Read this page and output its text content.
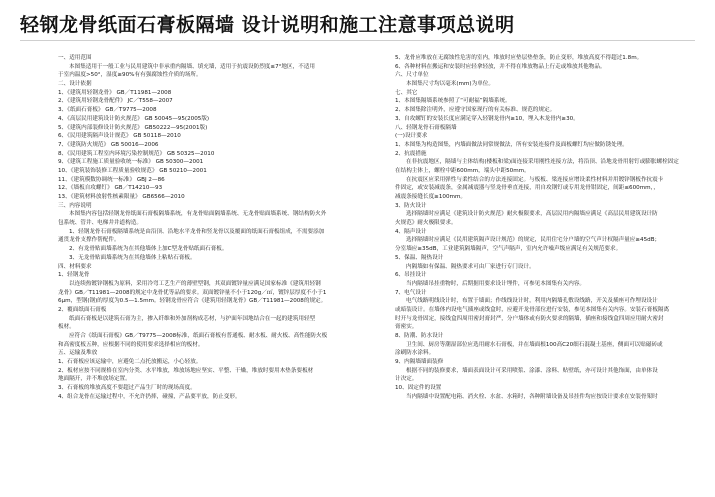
轻钢龙骨纸面石膏板隔墙 设计说明和施工注意事项总说明
一、适用范围
本图集适用于一般工业与民用建筑中非承重内隔墙、填充墙，适用于抗震设防烈度≤7°地区，不适用
于室内温度>50°，湿度≥90%有有强腐蚀性介质的场所。
二、设计依据
1、《建筑用轻钢龙骨》 GB／T11981—2008
2、《建筑用轻钢龙骨配件》 JC／T558—2007
3、《纸面石膏板》 GB／T9775—2008
4、《高层民用建筑设计防火规范》 GB 50045—95(2005版)
5、《建筑内部装修设计防火规范》 GB50222—95(2001版)
6、《民用建筑隔声设计规范》 GB 50118—2010
7、《建筑防火规范》 GB 50016—2006
8、《民用建筑工程室内环境污染控制规范》 GB 50325—2010
9、《建筑工程施工质量验收统一标准》 GB 50300—2001
10、《建筑装饰装修工程质量验收规范》 GB 50210—2001
11、《建筑模数协调统一标准》 GBJ 2—86
12、《墙板自攻螺钉》 GB／T14210—93
13、《建筑材料放射性核素限量》 GB6566—2010
三、内容说明
本图集内容包括轻钢龙骨纸面石膏板隔墙系统，有龙骨贴面隔墙系统、无龙骨贴面墙系统、钢结构防火外
包系统、管井、电梯井井道构造。
1、轻钢龙骨石膏板隔墙系统是由沿顶、沿地水平龙骨和竖龙骨以及覆面的纸面石膏板组成，不需要添加
通贯龙骨支撑作帮配件。
2、有龙骨贴面墙系统为在其他墙体上加C型龙骨贴纸面石膏板。
3、无龙骨贴面墙系统为在其他墙体上粘贴石膏板。
四、材料要求
1、轻钢龙骨
以连续热镀锌钢板为原料，采用冷弯工艺生产的薄壁型钢，其双面镀锌量应满足国家标准《建筑用轻钢
龙骨》GB／T11981—2008的规定中龙骨优等品的要求。双面镀锌量不小于120g／㎡，镀锌层厚度不小于1
6μm，型钢(钢)的厚度为0.5—1.5mm。轻钢龙骨应符合《建筑用轻钢龙骨》GB／T11981—2008的规定。
2、覆面纸面石膏板
纸面石膏板是以建筑石膏为主，掺入纤维和外加剂构成芯材，与护面年国地结合在一起的建筑用轻型
板材。
应符合《纸面石膏板》GB／T9775—2008标准，纸面石膏板有普通板、耐水板、耐火板、高性能防火板
和高密度板五种，应根据不同的使用要求选择相应的板材。
五、运输及堆放
1、石膏板应该运输中，应避免二点托放搬运，小心轻放。
2、板材应按不同规格在室内分类、水平堆放，堆放场地应坚实、平整、干燥，堆放时要用木垫条要板材
地面隔开，并不堆放场定置。
3、石膏板的堆放高度不要超过产品生厂时的现场高度。
4、组合龙骨在运输过程中，不允许扔摔，碰撞，产品要平放，防止变形。
5、龙骨应堆放在无腐蚀性危害的室内，堆放时应垫层垫垫条，防止变形，堆放高度不得超过1.8m。
6、各种材料在搬运和安装时应轻拿轻放，并不得在堆放物品上行走或堆放其他物品。
六、尺寸单位
本图集尺寸均以毫米(mm)为单位。
七、其它
1、本图集隔墙系统参照了“可耐福”隔墙系统。
2、本图集除注明外，应遵守国家现行的有关标准、规范的规定。
3、自攻螺钉的安装长度应满足穿入轻钢龙骨内≥10，埋入木龙骨内≥30。
八、轻钢龙骨石膏板隔墙
(一)设计要求
1、本图集为构造图集，内墙面做法同常规做法，所有安装连接件及面板螺钉均应做防锈处理。
2、抗震措施
在非抗震地区，隔墙与主体结构(楼板和梁)面连接采用刚性连接方法，将沿顶、沿地龙骨用射钉或膨胀螺栓固定
在结构主体上，螺栓中距600mm，端头中距50mm。
在抗震区应采用弹性与柔性结合的方法连接固定。与板板、梁连接应增设柔性材料并用镀锌钢板作抗震卡
件固定，或安装减震条，金属减震器与竖龙骨垂直连接，用自攻钢钉或专用龙骨钳固定，间距≤600mm，，
减震条接缝长度≥100mm。
3、防火设计
选择隔墙时应满足《建筑设计防火规范》耐火极限要求，高层民用内隔墙应满足《高层民用建筑设计防
火规范》耐火极限要求。
4、隔声设计
选择隔墙时应满足《民用建筑隔声设计规范》的规定，民用住宅分户墙的空气声计权隔声量应≥45dB；
分室墙应≥35dB，工业建筑隔墙隔声，空气声隔声，室内允许噪声级应满足有关规范要求。
5、保温、隔热设计
内隔墙如有保温、隔热要求可由厂家进行专门设计。
6、吊挂设计
当内隔墙吊挂重物时，后期据用要求设计埋件，可参见本图集有关内容。
7、电气设计
电气线路明线设计时，布置于墙面；作线线设计时，利用内隔墙孔敷设线路，开关及插座可作埋设设计
或暗装设计。在墙体内设电气插座或线盒时，应避开龙骨部位进行安装，参见本图集有关内容。安装石膏板隔离
时开与龙骨固定，接线盒四周用密封膏封严，分户墙体或有防火要求的隔墙，插座和接线盒四周应用耐火密封
膏密实。
8、防潮、防水设计
卫生间、厨房等潮湿部位应选用耐水石膏板，并在墙面根100高C20细石混凝土基座，侧面可以贴磁砖或
涂刷防水涂料。
9、内隔墙墙面装修
根据不同的装修要求，墙面表面设计可采用喷浆、涂漆、涂料、贴壁纸，亦可设计其他饰面，由单体设
计决定。
10、固定件的设置
当内隔墙中设置配电箱、消火栓、水盆、水箱时，各种附墙设备及吊挂件均应按设计要求在安装骨架时
